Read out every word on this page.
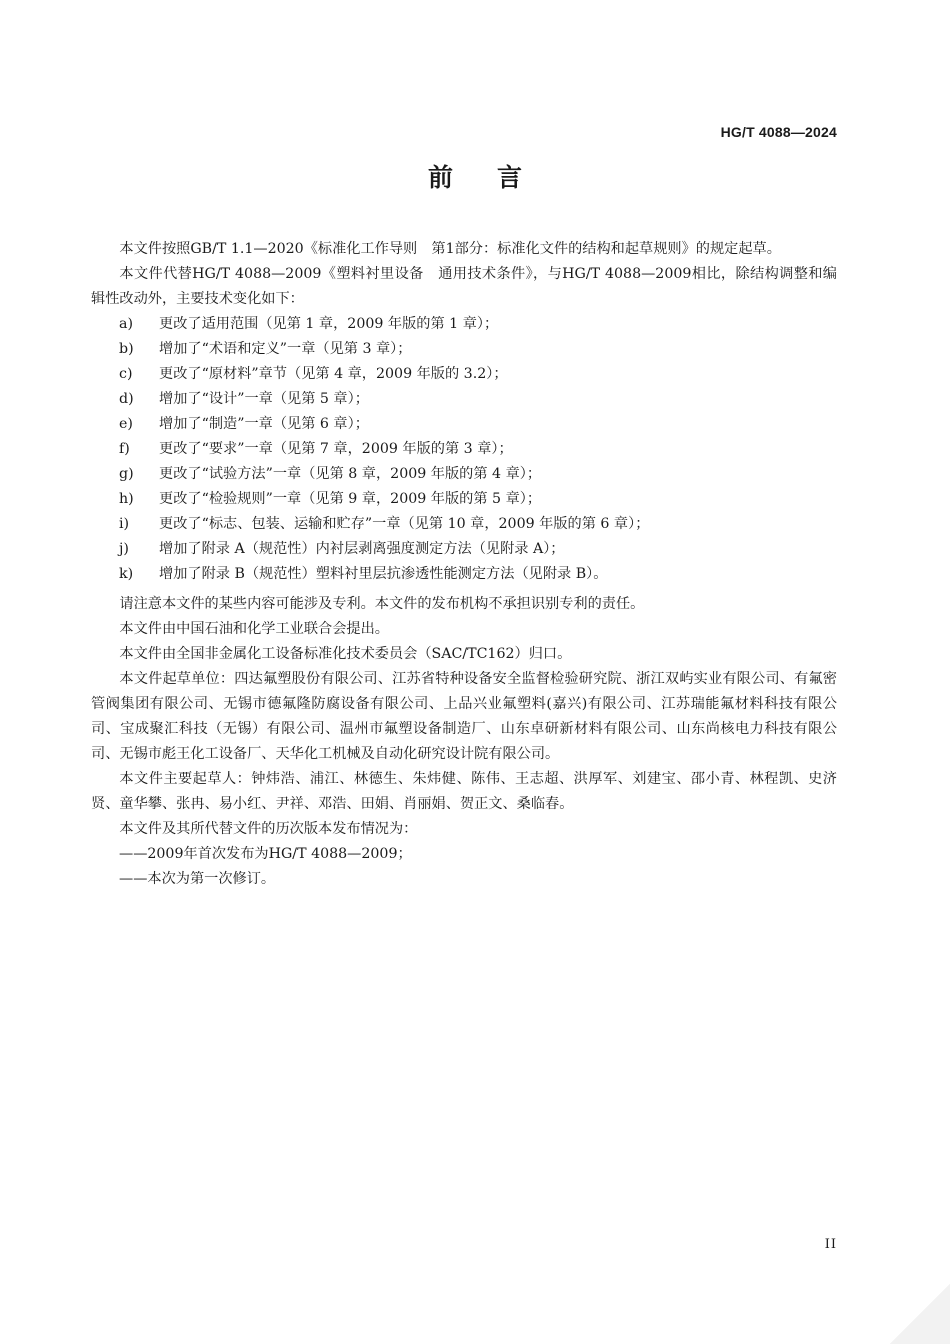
HG/T 4088—2024
前 言

本文件按照GB/T 1.1—2020《标准化工作导则　第1部分：标准化文件的结构和起草规则》的规定起草。

本文件代替HG/T 4088—2009《塑料衬里设备　通用技术条件》，与HG/T 4088—2009相比，除结构调整和编辑性改动外，主要技术变化如下：

a)	更改了适用范围（见第 1 章，2009 年版的第 1 章）；
b)	增加了“术语和定义”一章（见第 3 章）；
c)	更改了“原材料”章节（见第 4 章，2009 年版的 3.2）；
d)	增加了“设计”一章（见第 5 章）；
e)	增加了“制造”一章（见第 6 章）；
f)	更改了“要求”一章（见第 7 章，2009 年版的第 3 章）；
g)	更改了“试验方法”一章（见第 8 章，2009 年版的第 4 章）；
h)	更改了“检验规则”一章（见第 9 章，2009 年版的第 5 章）；
i)	更改了“标志、包装、运输和贮存”一章（见第 10 章，2009 年版的第 6 章）；
j)	增加了附录 A（规范性）内衬层剥离强度测定方法（见附录 A）；
k)	增加了附录 B（规范性）塑料衬里层抗渗透性能测定方法（见附录 B）。

请注意本文件的某些内容可能涉及专利。本文件的发布机构不承担识别专利的责任。

本文件由中国石油和化学工业联合会提出。

本文件由全国非金属化工设备标准化技术委员会（SAC/TC162）归口。

本文件起草单位：四达氟塑股份有限公司、江苏省特种设备安全监督检验研究院、浙江双屿实业有限公司、有氟密管阀集团有限公司、无锡市德氟隆防腐设备有限公司、上品兴业氟塑料(嘉兴)有限公司、江苏瑞能氟材料科技有限公司、宝成聚汇科技（无锡）有限公司、温州市氟塑设备制造厂、山东卓研新材料有限公司、山东尚核电力科技有限公司、无锡市彪王化工设备厂、天华化工机械及自动化研究设计院有限公司。

本文件主要起草人：钟炜浩、浦江、林德生、朱炜健、陈伟、王志超、洪厚军、刘建宝、邵小青、林程凯、史济贤、童华攀、张冉、易小红、尹祥、邓浩、田娟、肖丽娟、贺正文、桑临春。

本文件及其所代替文件的历次版本发布情况为：

——2009年首次发布为HG/T 4088—2009；

——本次为第一次修订。

II
